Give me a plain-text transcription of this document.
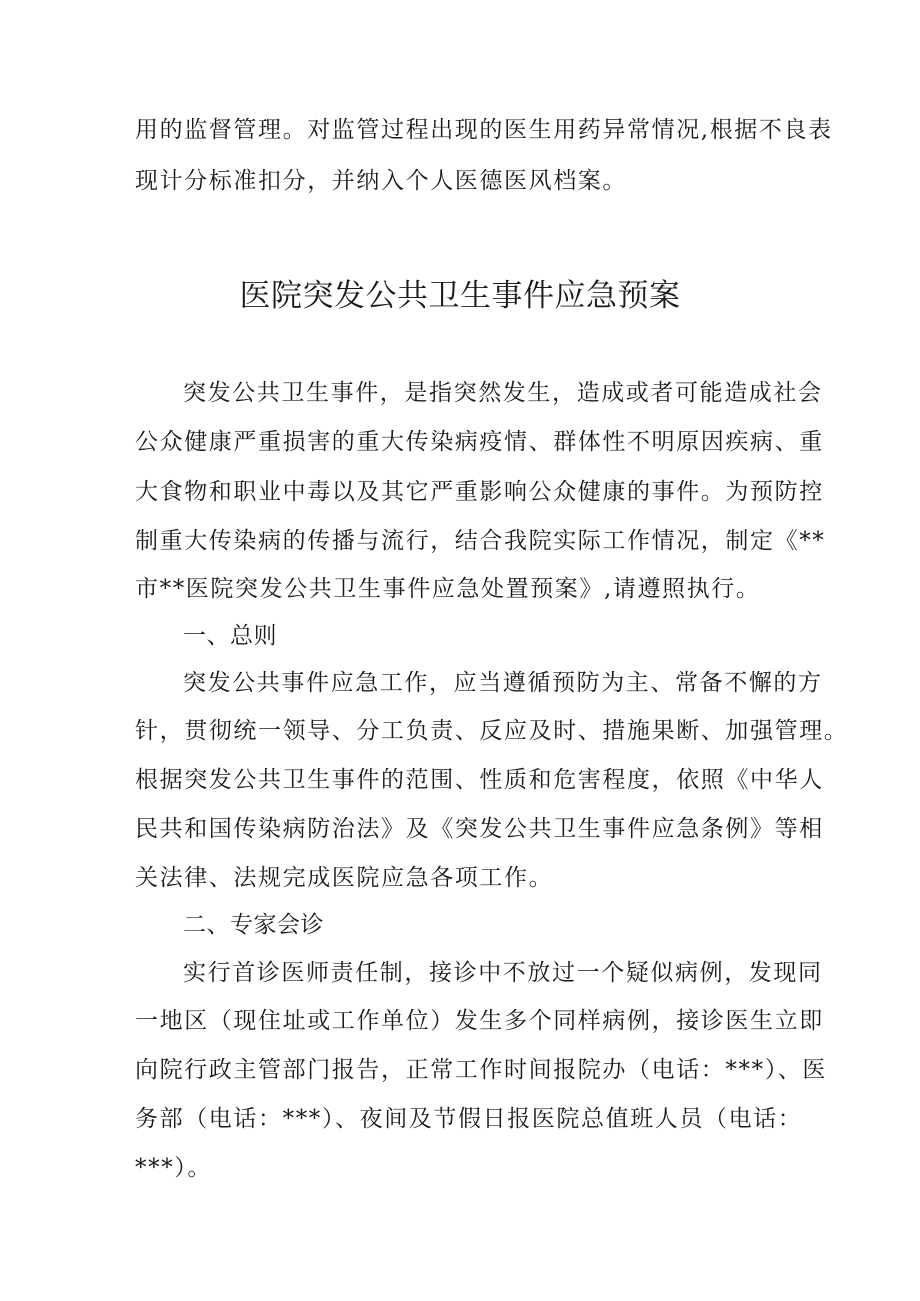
用的监督管理。对监管过程出现的医生用药异常情况,根据不良表
现计分标准扣分，并纳入个人医德医风档案。
医院突发公共卫生事件应急预案
突发公共卫生事件，是指突然发生，造成或者可能造成社会
公众健康严重损害的重大传染病疫情、群体性不明原因疾病、重
大食物和职业中毒以及其它严重影响公众健康的事件。为预防控
制重大传染病的传播与流行，结合我院实际工作情况，制定《**
市**医院突发公共卫生事件应急处置预案》,请遵照执行。
一、总则
突发公共事件应急工作，应当遵循预防为主、常备不懈的方
针，贯彻统一领导、分工负责、反应及时、措施果断、加强管理。
根据突发公共卫生事件的范围、性质和危害程度，依照《中华人
民共和国传染病防治法》及《突发公共卫生事件应急条例》等相
关法律、法规完成医院应急各项工作。
二、专家会诊
实行首诊医师责任制，接诊中不放过一个疑似病例，发现同
一地区（现住址或工作单位）发生多个同样病例，接诊医生立即
向院行政主管部门报告，正常工作时间报院办（电话：***）、医
务部（电话：***）、夜间及节假日报医院总值班人员（电话：
***）。
